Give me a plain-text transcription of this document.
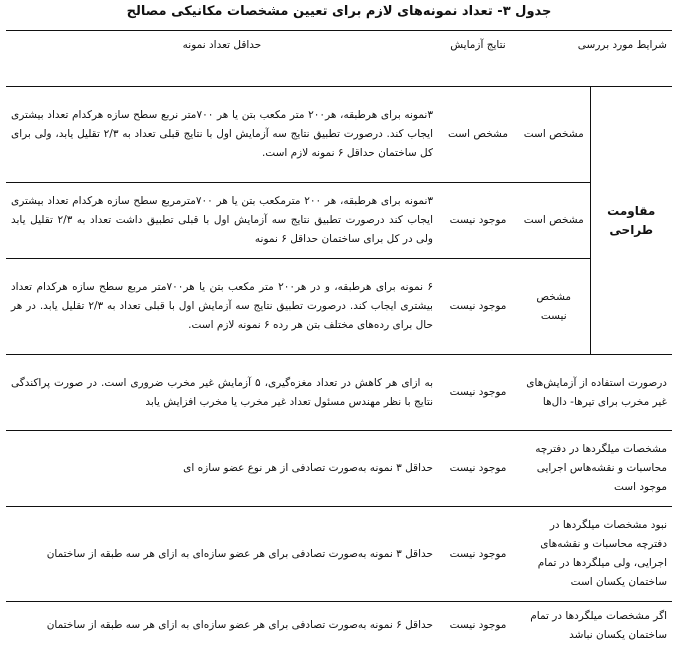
جدول ۳- تعداد نمونه‌های لازم برای تعیین مشخصات مکانیکی مصالح
شرایط مورد بررسی		نتایج آزمایش	حداقل تعداد نمونه
مقاومت طراحی	مشخص است	مشخص است	۳نمونه برای هرطبقه، هر۲۰۰ متر مکعب بتن یا هر ۷۰۰متر نربع سطح سازه هرکدام تعداد بیشتری ایجاب کند. درصورت تطبیق نتایج سه آزمایش اول با نتایج قبلی تعداد به ۲/۳ تقلیل یابد، ولی برای کل ساختمان حداقل ۶ نمونه لازم است.
	مشخص است	موجود نیست	۳نمونه برای هرطبقه، هر ۲۰۰ مترمکعب بتن یا هر ۷۰۰مترمربع سطح سازه هرکدام تعداد بیشتری ایجاب کند درصورت تطبیق نتایج سه آزمایش اول با قبلی تطبیق داشت تعداد به ۲/۳ تقلیل یابد ولی در کل برای ساختمان حداقل ۶ نمونه
	مشخص نیست	موجود نیست	۶ نمونه برای هرطبقه، و در هر۲۰۰ متر مکعب بتن یا هر۷۰۰متر مربع سطح سازه هرکدام تعداد بیشتری ایجاب کند. درصورت تطبیق نتایج سه آزمایش اول با قبلی تعداد به ۲/۳ تقلیل یابد. در هر حال برای رده‌های مختلف بتن هر رده ۶ نمونه لازم است.
درصورت استفاده از آزمایش‌های غیر مخرب برای تیرها- دال‌ها		موجود نیست	به ازای هر کاهش در تعداد مغزه‌گیری، ۵ آزمایش غیر مخرب ضروری است. در صورت پراکندگی نتایج با نظر مهندس مسئول تعداد غیر مخرب یا مخرب افزایش یابد
مشخصات میلگردها در دفترچه محاسبات و نقشه‌هاس اجرایی موجود است		موجود نیست	حداقل ۳ نمونه به‌صورت تصادفی از هر نوع عضو سازه ای
نبود مشخصات میلگردها در دفترچه محاسبات و نقشه‌های اجرایی، ولی میلگردها در تمام ساختمان یکسان است		موجود نیست	حداقل ۳ نمونه به‌صورت تصادفی برای هر عضو سازه‌ای به ازای هر سه طبقه از ساختمان
اگر مشخصات میلگردها در تمام ساختمان یکسان نباشد		موجود نیست	حداقل ۶ نمونه به‌صورت تصادفی برای هر عضو سازه‌ای به ازای هر سه طبقه از ساختمان
